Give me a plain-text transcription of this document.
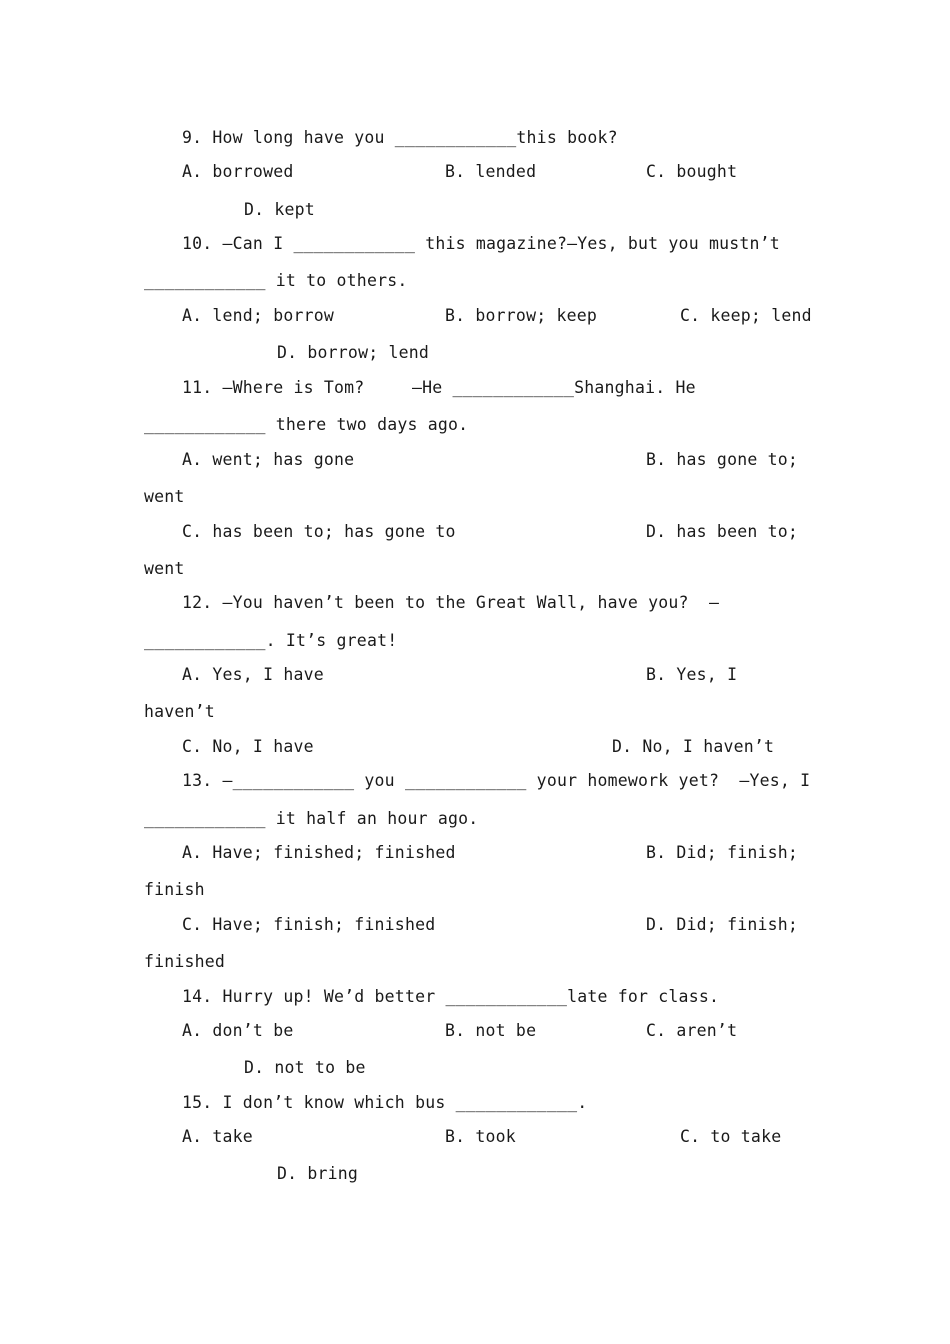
9. How long have you ____________this book?
A. borrowed	B. lended	C. bought
D. kept
10. —Can I ____________ this magazine?—Yes, but you mustn’t
____________ it to others.
A. lend; borrow	B. borrow; keep	C. keep; lend
D. borrow; lend
11. —Where is Tom?	—He ____________Shanghai. He
____________ there two days ago.
A. went; has gone	B. has gone to;
went
C. has been to; has gone to	D. has been to;
went
12. —You haven’t been to the Great Wall, have you?  —
____________. It’s great!
A. Yes, I have	B. Yes, I
haven’t
C. No, I have	D. No, I haven’t
13. —____________ you ____________ your homework yet?  —Yes, I
____________ it half an hour ago.
A. Have; finished; finished	B. Did; finish;
finish
C. Have; finish; finished	D. Did; finish;
finished
14. Hurry up! We’d better ____________late for class.
A. don’t be	B. not be	C. aren’t
D. not to be
15. I don’t know which bus ____________.
A. take	B. took	C. to take
D. bring
